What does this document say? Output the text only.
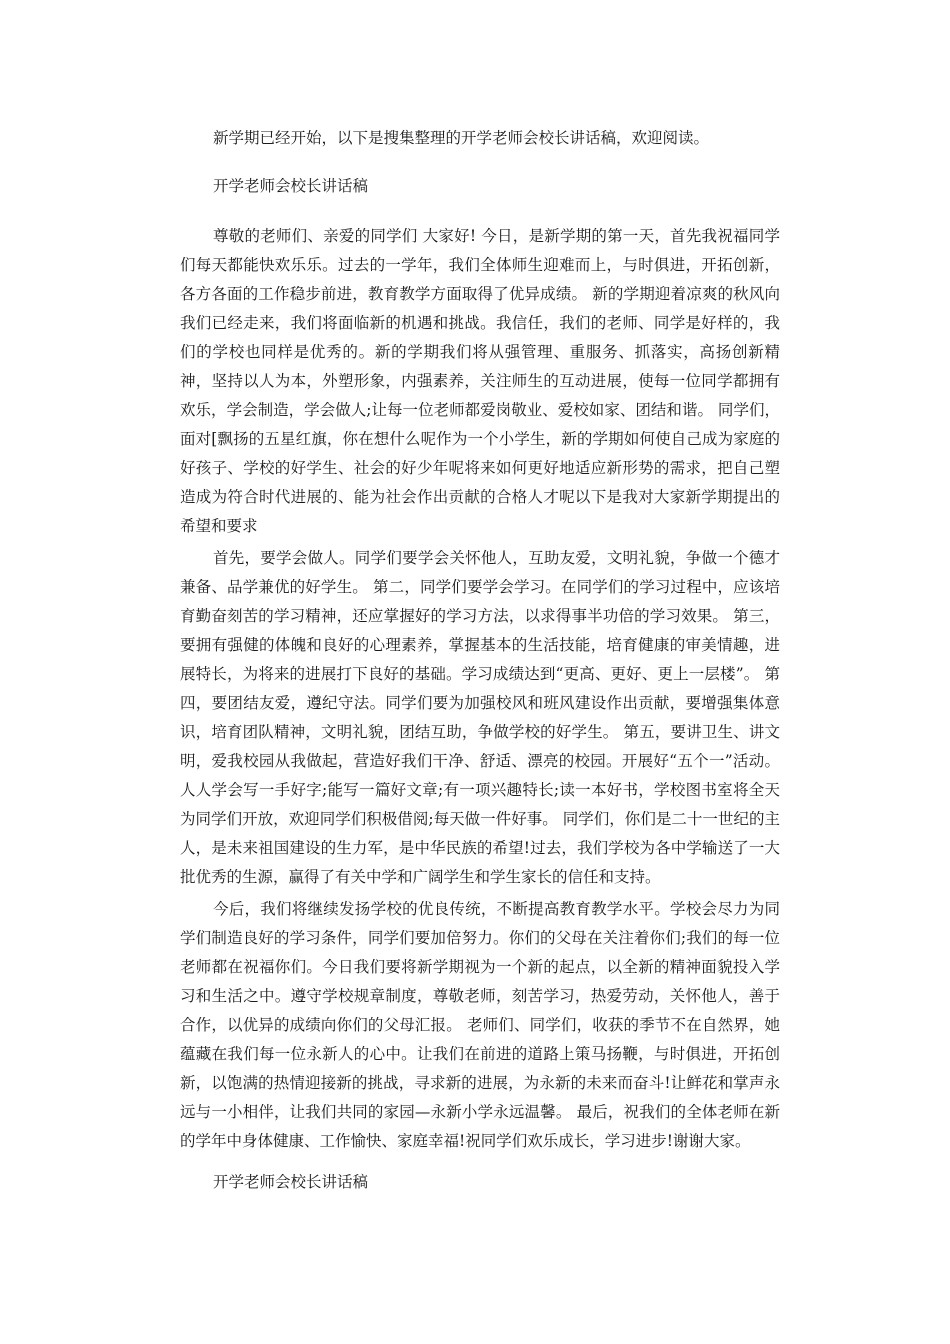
新学期已经开始，以下是搜集整理的开学老师会校长讲话稿，欢迎阅读。
开学老师会校长讲话稿

尊敬的老师们、亲爱的同学们 大家好! 今日，是新学期的第一天，首先我祝福同学们每天都能快欢乐乐。过去的一学年，我们全体师生迎难而上，与时俱进，开拓创新，各方各面的工作稳步前进，教育教学方面取得了优异成绩。 新的学期迎着凉爽的秋风向我们已经走来，我们将面临新的机遇和挑战。我信任，我们的老师、同学是好样的，我们的学校也同样是优秀的。新的学期我们将从强管理、重服务、抓落实，高扬创新精神，坚持以人为本，外塑形象，内强素养，关注师生的互动进展，使每一位同学都拥有欢乐，学会制造，学会做人;让每一位老师都爱岗敬业、爱校如家、团结和谐。 同学们，面对[飘扬的五星红旗，你在想什么呢作为一个小学生，新的学期如何使自己成为家庭的好孩子、学校的好学生、社会的好少年呢将来如何更好地适应新形势的需求，把自己塑造成为符合时代进展的、能为社会作出贡献的合格人才呢以下是我对大家新学期提出的希望和要求

首先，要学会做人。同学们要学会关怀他人，互助友爱，文明礼貌，争做一个德才兼备、品学兼优的好学生。 第二，同学们要学会学习。在同学们的学习过程中，应该培育勤奋刻苦的学习精神，还应掌握好的学习方法，以求得事半功倍的学习效果。 第三，要拥有强健的体魄和良好的心理素养，掌握基本的生活技能，培育健康的审美情趣，进展特长，为将来的进展打下良好的基础。学习成绩达到“更高、更好、更上一层楼”。 第四，要团结友爱，遵纪守法。同学们要为加强校风和班风建设作出贡献，要增强集体意识，培育团队精神，文明礼貌，团结互助，争做学校的好学生。 第五，要讲卫生、讲文明，爱我校园从我做起，营造好我们干净、舒适、漂亮的校园。开展好“五个一”活动。人人学会写一手好字;能写一篇好文章;有一项兴趣特长;读一本好书，学校图书室将全天为同学们开放，欢迎同学们积极借阅;每天做一件好事。 同学们，你们是二十一世纪的主人，是未来祖国建设的生力军，是中华民族的希望!过去，我们学校为各中学输送了一大批优秀的生源，赢得了有关中学和广阔学生和学生家长的信任和支持。

今后，我们将继续发扬学校的优良传统，不断提高教育教学水平。学校会尽力为同学们制造良好的学习条件，同学们要加倍努力。你们的父母在关注着你们;我们的每一位老师都在祝福你们。今日我们要将新学期视为一个新的起点，以全新的精神面貌投入学习和生活之中。遵守学校规章制度，尊敬老师，刻苦学习，热爱劳动，关怀他人，善于合作，以优异的成绩向你们的父母汇报。 老师们、同学们，收获的季节不在自然界，她蕴藏在我们每一位永新人的心中。让我们在前进的道路上策马扬鞭，与时俱进，开拓创新，以饱满的热情迎接新的挑战，寻求新的进展，为永新的未来而奋斗!让鲜花和掌声永远与一小相伴，让我们共同的家园—永新小学永远温馨。 最后，祝我们的全体老师在新的学年中身体健康、工作愉快、家庭幸福!祝同学们欢乐成长，学习进步!谢谢大家。

开学老师会校长讲话稿
